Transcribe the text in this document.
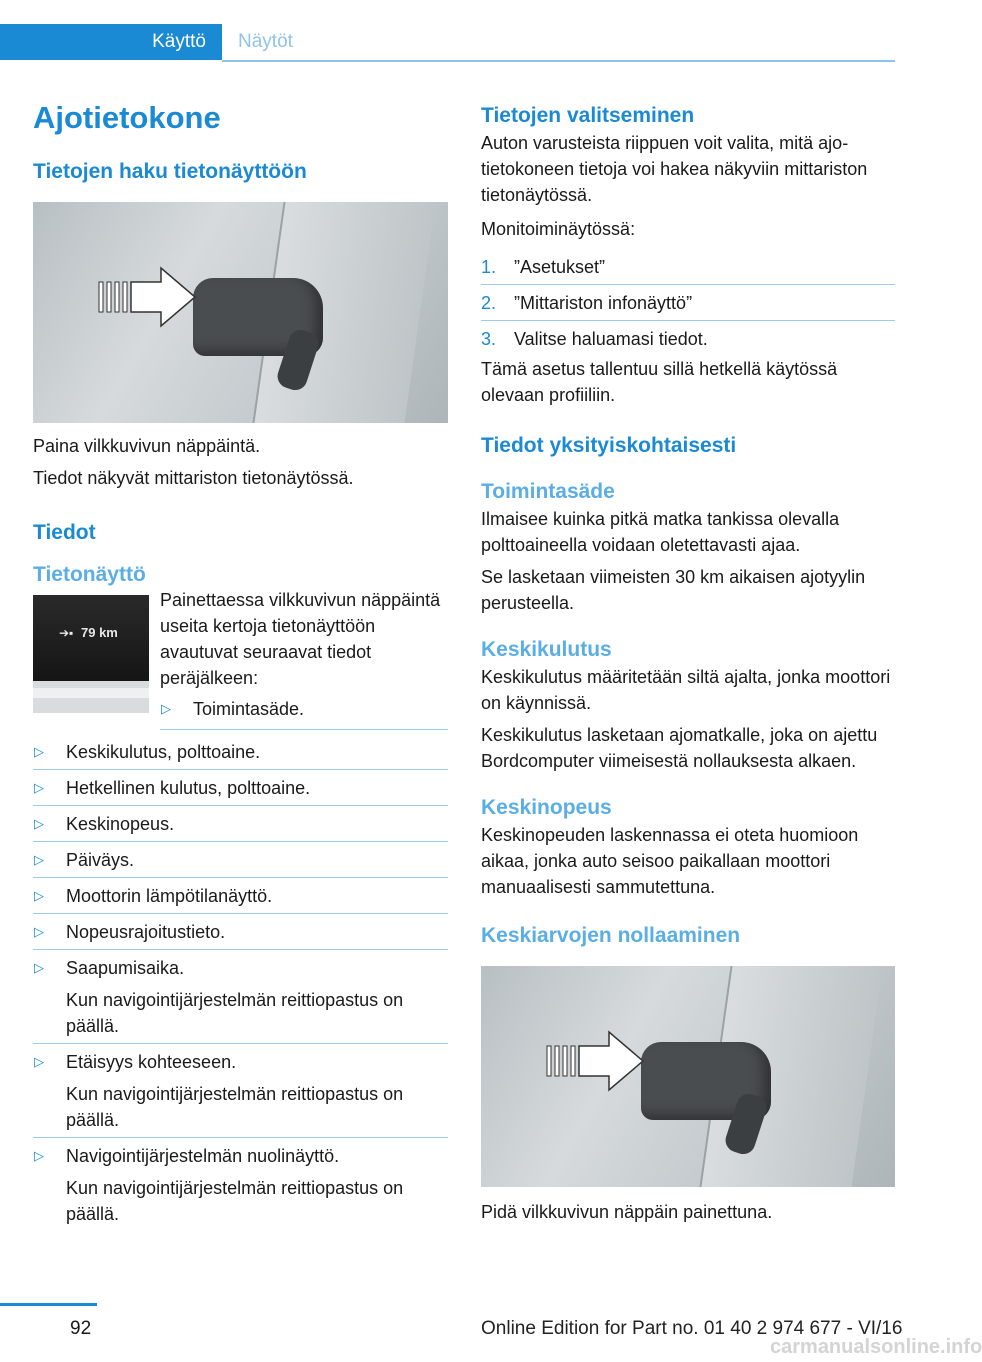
Käyttö	Näytöt
Ajotietokone
Tietojen haku tietonäyttöön

Paina vilkkuvivun näppäintä.

Tiedot näkyvät mittariston tietonäytössä.

Tiedot
Tietonäyttö
➔▪ 79 km

Painettaessa vilkkuvivun näppäintä useita kertoja tietonäyttöön avautuvat seuraavat tiedot peräjälkeen:

▷ Toimintasäde.

▷ Keskikulutus, polttoaine.

▷ Hetkellinen kulutus, polttoaine.

▷ Keskinopeus.

▷ Päiväys.

▷ Moottorin lämpötilanäyttö.

▷ Nopeusrajoitustieto.

▷ Saapumisaika.

Kun navigointijärjestelmän reittiopastus on päällä.

▷ Etäisyys kohteeseen.

Kun navigointijärjestelmän reittiopastus on päällä.

▷ Navigointijärjestelmän nuolinäyttö.

Kun navigointijärjestelmän reittiopastus on päällä.

Tietojen valitseminen

Auton varusteista riippuen voit valita, mitä ajotietokoneen tietoja voi hakea näkyviin mittariston tietonäytössä.

Monitoiminäytössä:

1. ”Asetukset”

2. ”Mittariston infonäyttö”

3. Valitse haluamasi tiedot.

Tämä asetus tallentuu sillä hetkellä käytössä olevaan profiiliin.

Tiedot yksityiskohtaisesti
Toimintasäde

Ilmaisee kuinka pitkä matka tankissa olevalla polttoaineella voidaan oletettavasti ajaa.

Se lasketaan viimeisten 30 km aikaisen ajotyylin perusteella.

Keskikulutus

Keskikulutus määritetään siltä ajalta, jonka moottori on käynnissä.

Keskikulutus lasketaan ajomatkalle, joka on ajettu Bordcomputer viimeisestä nollauksesta alkaen.

Keskinopeus

Keskinopeuden laskennassa ei oteta huomioon aikaa, jonka auto seisoo paikallaan moottori manuaalisesti sammutettuna.

Keskiarvojen nollaaminen

Pidä vilkkuvivun näppäin painettuna.

92	Online Edition for Part no. 01 40 2 974 677 - VI/16
carmanualsonline.info
